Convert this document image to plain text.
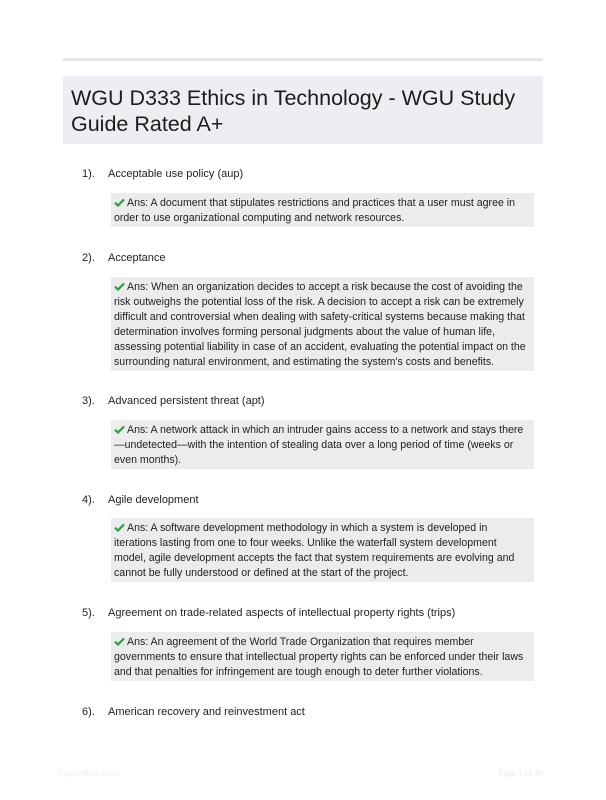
WGU D333 Ethics in Technology - WGU Study Guide Rated A+
1). Acceptable use policy (aup)
Ans: A document that stipulates restrictions and practices that a user must agree in order to use organizational computing and network resources.
2). Acceptance
Ans: When an organization decides to accept a risk because the cost of avoiding the risk outweighs the potential loss of the risk. A decision to accept a risk can be extremely difficult and controversial when dealing with safety-critical systems because making that determination involves forming personal judgments about the value of human life, assessing potential liability in case of an accident, evaluating the potential impact on the surrounding natural environment, and estimating the system's costs and benefits.
3). Advanced persistent threat (apt)
Ans: A network attack in which an intruder gains access to a network and stays there —undetected—with the intention of stealing data over a long period of time (weeks or even months).
4). Agile development
Ans: A software development methodology in which a system is developed in iterations lasting from one to four weeks. Unlike the waterfall system development model, agile development accepts the fact that system requirements are evolving and cannot be fully understood or defined at the start of the project.
5). Agreement on trade-related aspects of intellectual property rights (trips)
Ans: An agreement of the World Trade Organization that requires member governments to ensure that intellectual property rights can be enforced under their laws and that penalties for infringement are tough enough to deter further violations.
6). American recovery and reinvestment act
Paperlibte.com	Page 1 of 48
